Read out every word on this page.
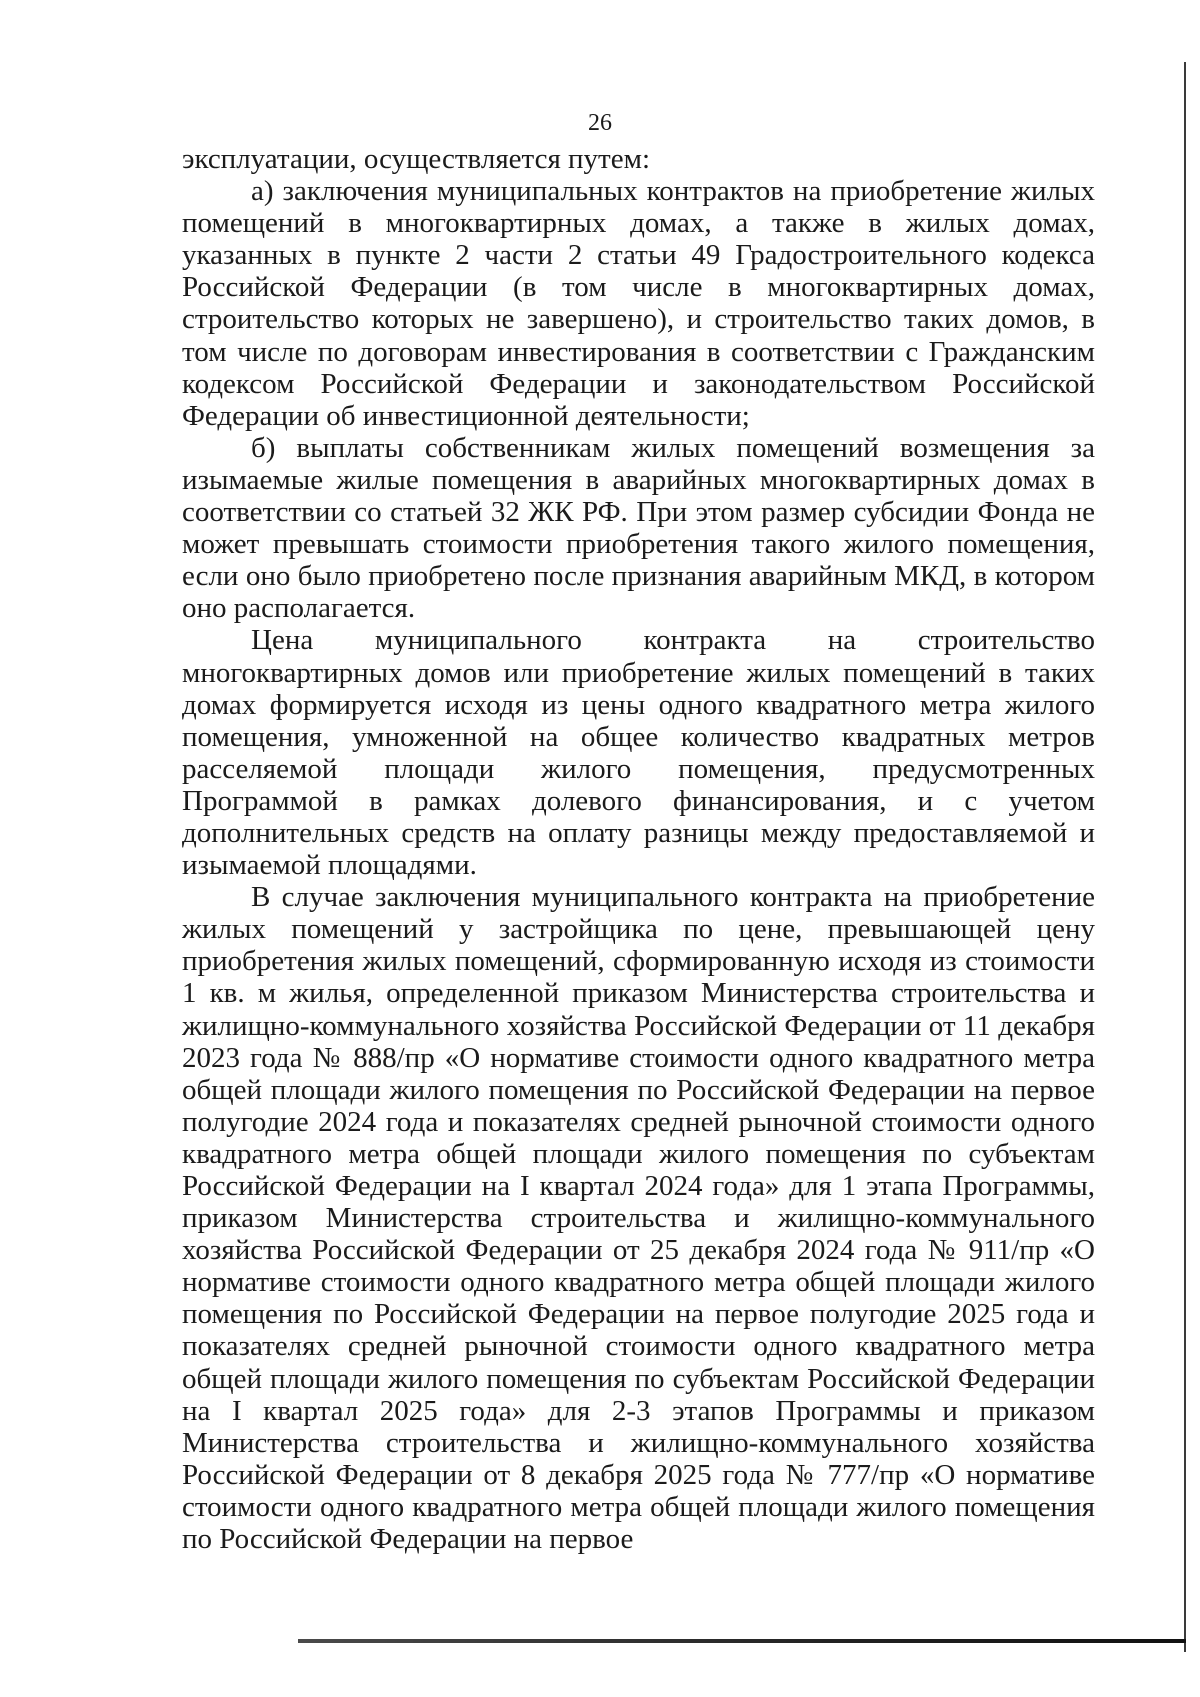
26

эксплуатации, осуществляется путем:

а) заключения муниципальных контрактов на приобретение жилых помещений в многоквартирных домах, а также в жилых домах, указанных в пункте 2 части 2 статьи 49 Градостроительного кодекса Российской Федерации (в том числе в многоквартирных домах, строительство которых не завершено), и строительство таких домов, в том числе по договорам инвестирования в соответствии с Гражданским кодексом Российской Федерации и законодательством Российской Федерации об инвестиционной деятельности;

б) выплаты собственникам жилых помещений возмещения за изымаемые жилые помещения в аварийных многоквартирных домах в соответствии со статьей 32 ЖК РФ. При этом размер субсидии Фонда не может превышать стоимости приобретения такого жилого помещения, если оно было приобретено после признания аварийным МКД, в котором оно располагается.

Цена муниципального контракта на строительство многоквартирных домов или приобретение жилых помещений в таких домах формируется исходя из цены одного квадратного метра жилого помещения, умноженной на общее количество квадратных метров расселяемой площади жилого помещения, предусмотренных Программой в рамках долевого финансирования, и с учетом дополнительных средств на оплату разницы между предоставляемой и изымаемой площадями.

В случае заключения муниципального контракта на приобретение жилых помещений у застройщика по цене, превышающей цену приобретения жилых помещений, сформированную исходя из стоимости 1 кв. м жилья, определенной приказом Министерства строительства и жилищно-коммунального хозяйства Российской Федерации от 11 декабря 2023 года № 888/пр «О нормативе стоимости одного квадратного метра общей площади жилого помещения по Российской Федерации на первое полугодие 2024 года и показателях средней рыночной стоимости одного квадратного метра общей площади жилого помещения по субъектам Российской Федерации на I квартал 2024 года» для 1 этапа Программы, приказом Министерства строительства и жилищно-коммунального хозяйства Российской Федерации от 25 декабря 2024 года № 911/пр «О нормативе стоимости одного квадратного метра общей площади жилого помещения по Российской Федерации на первое полугодие 2025 года и показателях средней рыночной стоимости одного квадратного метра общей площади жилого помещения по субъектам Российской Федерации на I квартал 2025 года» для 2-3 этапов Программы и приказом Министерства строительства и жилищно-коммунального хозяйства Российской Федерации от 8 декабря 2025 года № 777/пр «О нормативе стоимости одного квадратного метра общей площади жилого помещения по Российской Федерации на первое
